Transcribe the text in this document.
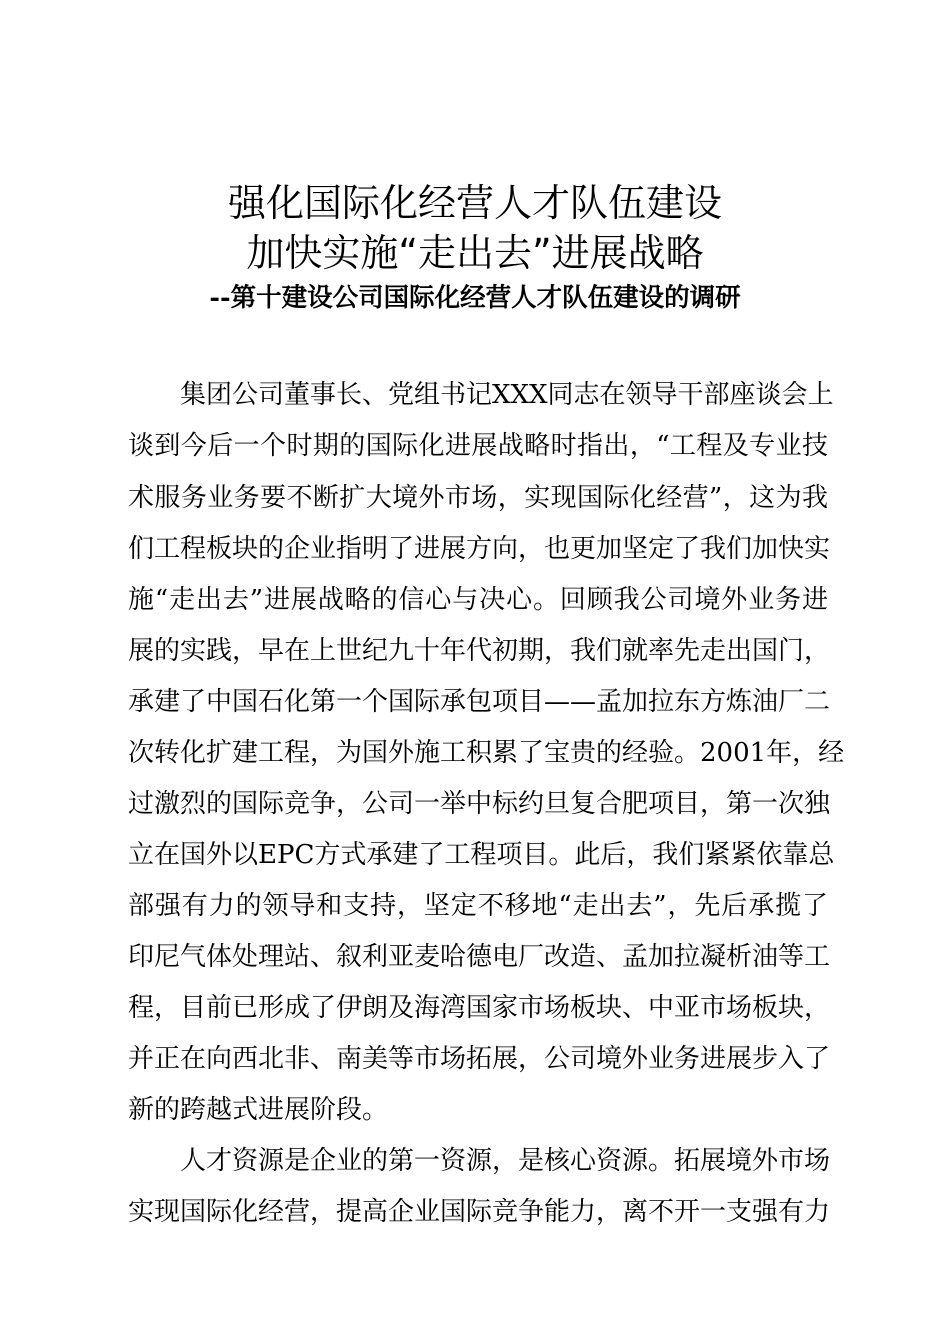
强化国际化经营人才队伍建设
加快实施“走出去”进展战略
--第十建设公司国际化经营人才队伍建设的调研
集团公司董事长、党组书记XXX同志在领导干部座谈会上
谈到今后一个时期的国际化进展战略时指出，“工程及专业技
术服务业务要不断扩大境外市场，实现国际化经营”，这为我
们工程板块的企业指明了进展方向，也更加坚定了我们加快实
施“走出去”进展战略的信心与决心。回顾我公司境外业务进
展的实践，早在上世纪九十年代初期，我们就率先走出国门，
承建了中国石化第一个国际承包项目——孟加拉东方炼油厂二
次转化扩建工程，为国外施工积累了宝贵的经验。2001年，经
过激烈的国际竞争，公司一举中标约旦复合肥项目，第一次独
立在国外以EPC方式承建了工程项目。此后，我们紧紧依靠总
部强有力的领导和支持，坚定不移地“走出去”，先后承揽了
印尼气体处理站、叙利亚麦哈德电厂改造、孟加拉凝析油等工
程，目前已形成了伊朗及海湾国家市场板块、中亚市场板块，
并正在向西北非、南美等市场拓展，公司境外业务进展步入了
新的跨越式进展阶段。
人才资源是企业的第一资源，是核心资源。拓展境外市场
实现国际化经营，提高企业国际竞争能力，离不开一支强有力
